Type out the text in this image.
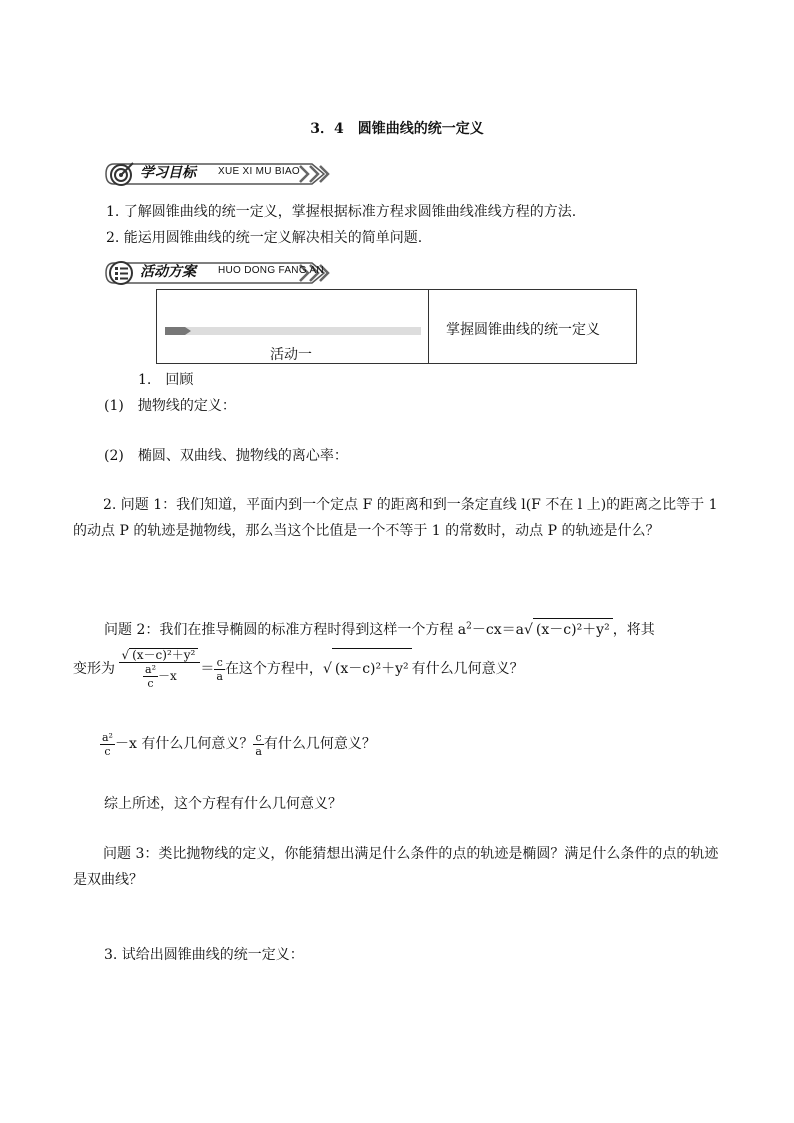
3．4　圆锥曲线的统一定义
学习目标 XUE XI MU BIAO
1. 了解圆锥曲线的统一定义，掌握根据标准方程求圆锥曲线准线方程的方法.
2. 能运用圆锥曲线的统一定义解决相关的简单问题.
活动方案 HUO DONG FANG AN
活动一
掌握圆锥曲线的统一定义
1.　回顾
(1)　抛物线的定义：
(2)　椭圆、双曲线、抛物线的离心率：
2. 问题 1：我们知道，平面内到一个定点 F 的距离和到一条定直线 l(F 不在 l 上)的距离之比等于 1 的动点 P 的轨迹是抛物线，那么当这个比值是一个不等于 1 的常数时，动点 P 的轨迹是什么？
问题 2：我们在推导椭圆的标准方程时得到这样一个方程 $a^2-cx=a√$ (x－c)²＋y² ，将其
变形为 $\frac{\text{√ (x－c)²＋y²}}{\frac{\text{a²}}{c} -x} = \frac{c}{a}$ 在这个方程中，√ (x－c)²＋y² 有什么几何意义？
$\frac{\text{a²}}{c} -x$ 有什么几何意义？ $\frac{c}{a}$ 有什么几何意义？
综上所述，这个方程有什么几何意义？
问题 3：类比抛物线的定义，你能猜想出满足什么条件的点的轨迹是椭圆？满足什么条件的点的轨迹是双曲线？
3. 试给出圆锥曲线的统一定义：
